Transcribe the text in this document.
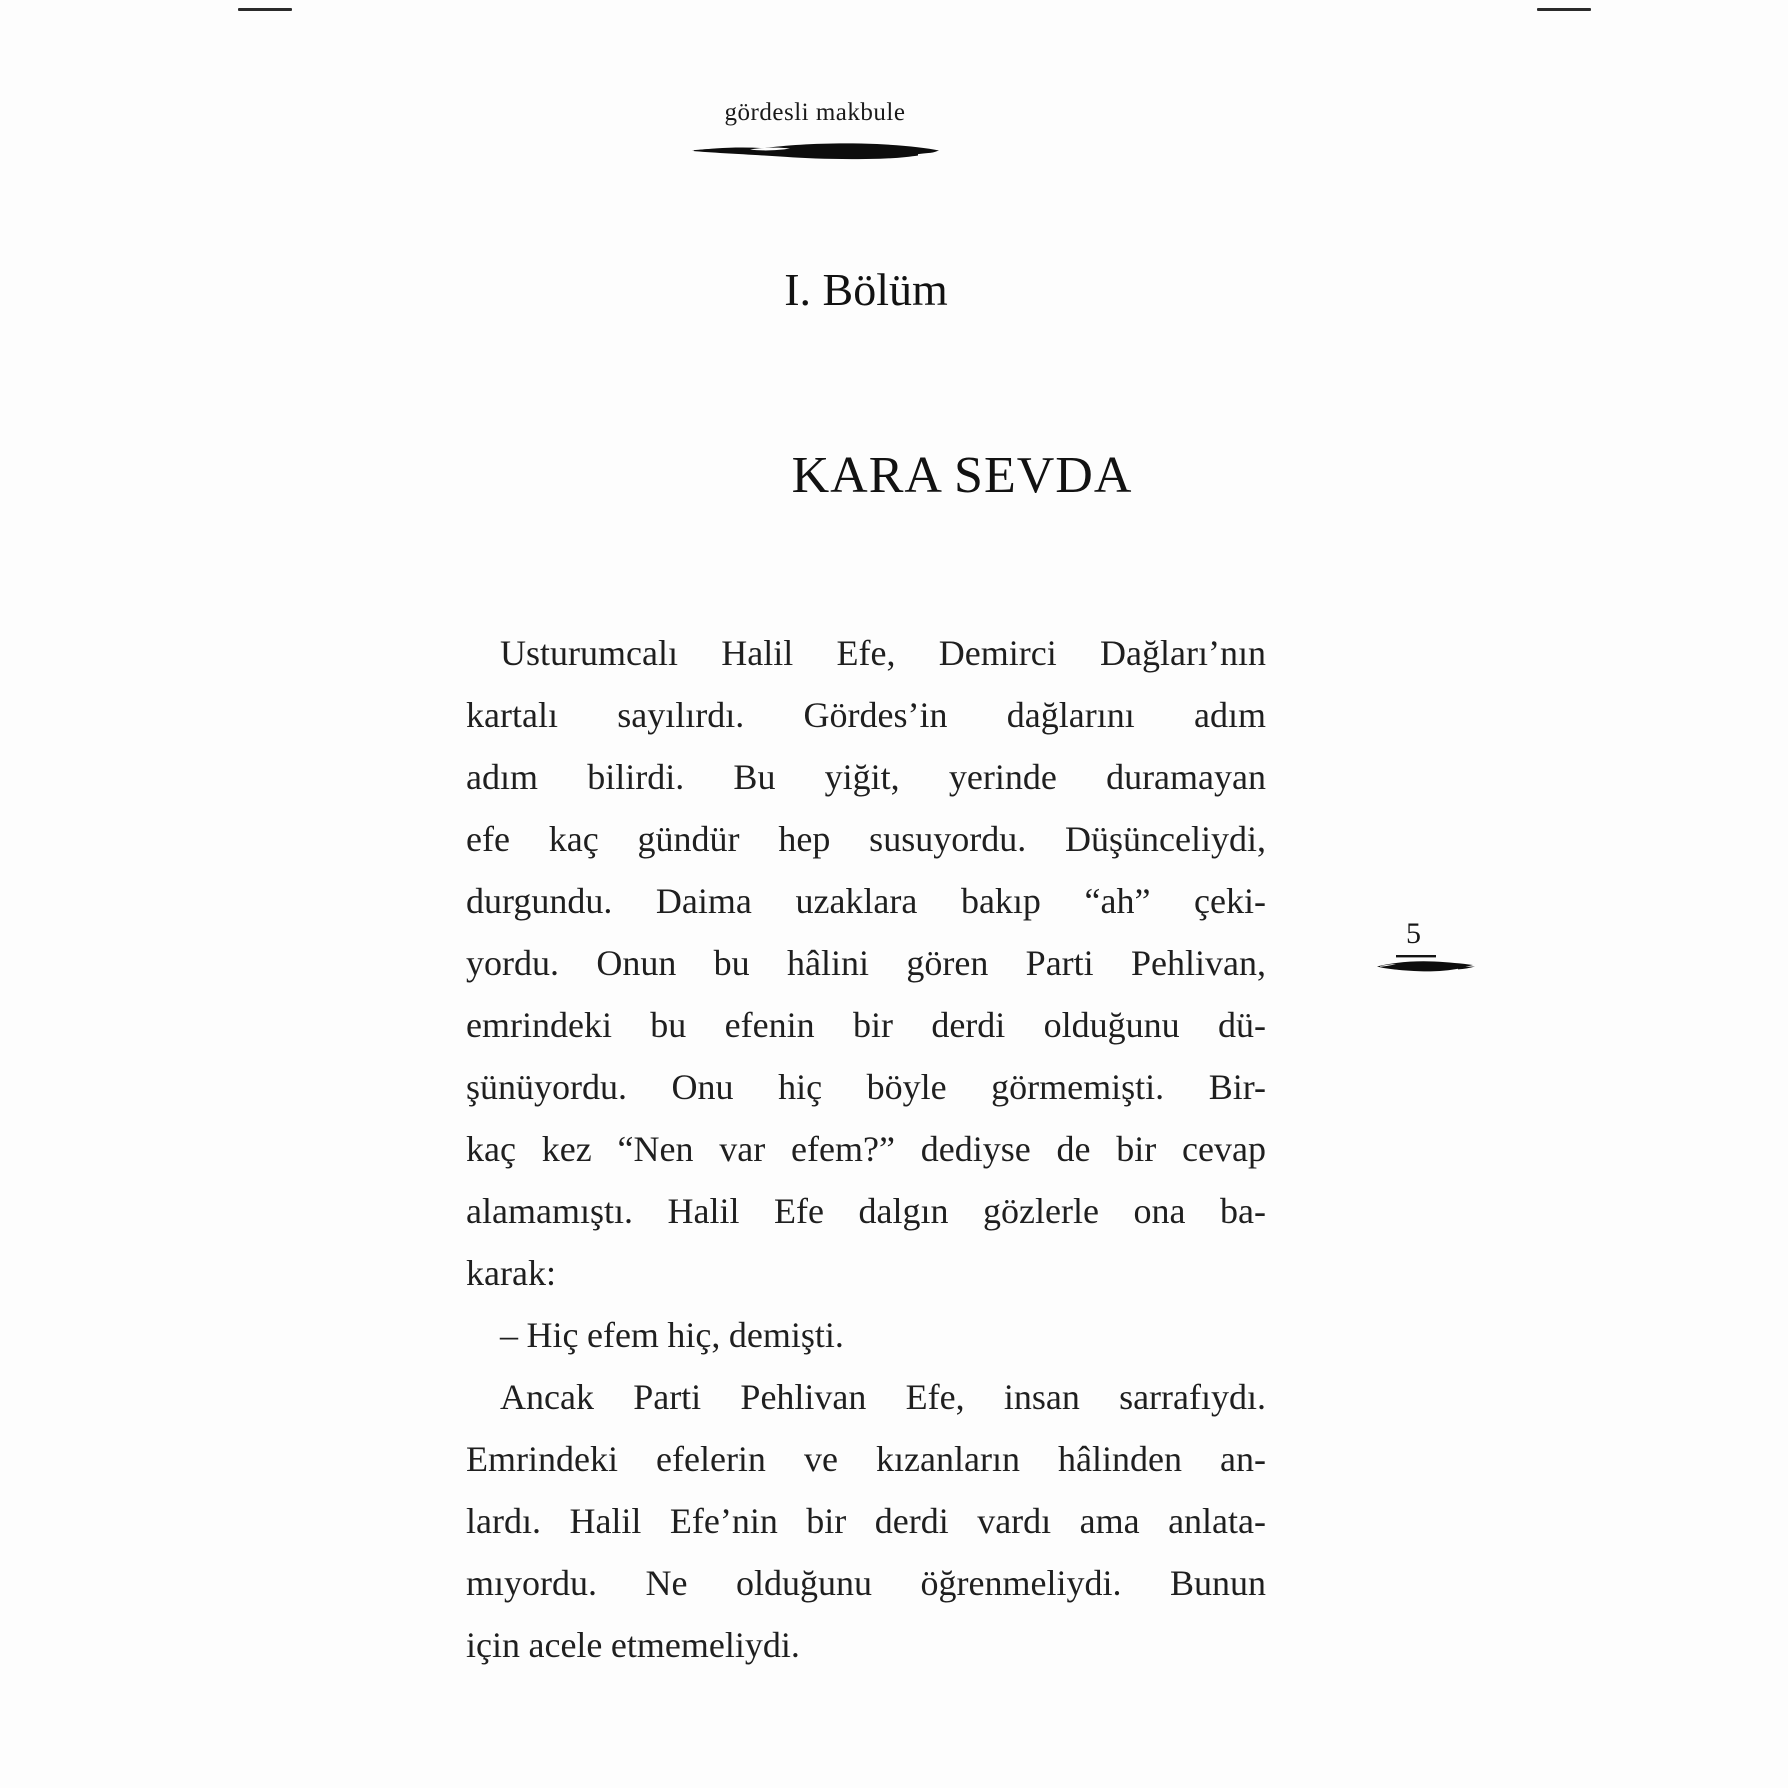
gördesli makbule
I. Bölüm
KARA SEVDA
Usturumcalı Halil Efe, Demirci Dağları’nın
kartalı sayılırdı. Gördes’in dağlarını adım
adım bilirdi. Bu yiğit, yerinde duramayan
efe kaç gündür hep susuyordu. Düşünceliydi,
durgundu. Daima uzaklara bakıp “ah” çeki-
yordu. Onun bu hâlini gören Parti Pehlivan,
emrindeki bu efenin bir derdi olduğunu dü-
şünüyordu. Onu hiç böyle görmemişti. Bir-
kaç kez “Nen var efem?” dediyse de bir cevap
alamamıştı. Halil Efe dalgın gözlerle ona ba-
karak:
– Hiç efem hiç, demişti.
Ancak Parti Pehlivan Efe, insan sarrafıydı.
Emrindeki efelerin ve kızanların hâlinden an-
lardı. Halil Efe’nin bir derdi vardı ama anlata-
mıyordu. Ne olduğunu öğrenmeliydi. Bunun
için acele etmemeliydi.
5
